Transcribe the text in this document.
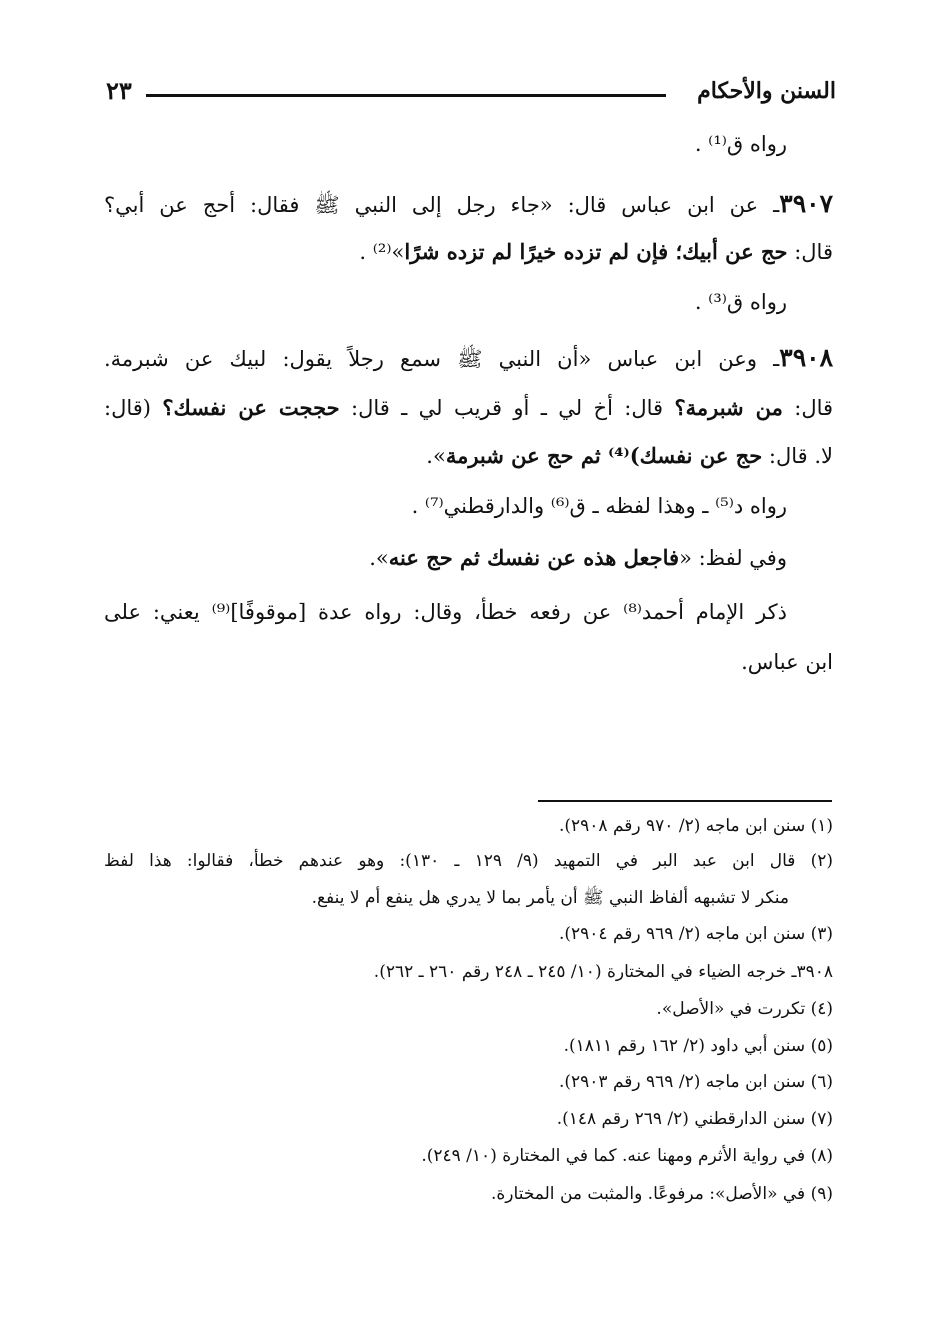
السنن والأحكام
٢٣
رواه ق⁽¹⁾ .
٣٩٠٧ـ عن ابن عباس قال: «جاء رجل إلى النبي ﷺ فقال: أحج عن أبي؟
قال: حج عن أبيك؛ فإن لم تزده خيرًا لم تزده شرًا»⁽²⁾ .
رواه ق⁽³⁾ .
٣٩٠٨ـ وعن ابن عباس «أن النبي ﷺ سمع رجلاً يقول: لبيك عن شبرمة.
قال: من شبرمة؟ قال: أخ لي ـ أو قريب لي ـ قال: حججت عن نفسك؟ (قال:
لا. قال: حج عن نفسك)⁽⁴⁾ ثم حج عن شبرمة».
رواه د⁽⁵⁾ ـ وهذا لفظه ـ ق⁽⁶⁾ والدارقطني⁽⁷⁾ .
وفي لفظ: «فاجعل هذه عن نفسك ثم حج عنه».
ذكر الإمام أحمد⁽⁸⁾ عن رفعه خطأ، وقال: رواه عدة [موقوفًا]⁽⁹⁾ يعني: على
ابن عباس.
(١) سنن ابن ماجه (٢/ ٩٧٠ رقم ٢٩٠٨).
(٢) قال ابن عبد البر في التمهيد (٩/ ١٢٩ ـ ١٣٠): وهو عندهم خطأ، فقالوا: هذا لفظ
منكر لا تشبهه ألفاظ النبي ﷺ أن يأمر بما لا يدري هل ينفع أم لا ينفع.
(٣) سنن ابن ماجه (٢/ ٩٦٩ رقم ٢٩٠٤).
٣٩٠٨ـ خرجه الضياء في المختارة (١٠/ ٢٤٥ ـ ٢٤٨ رقم ٢٦٠ ـ ٢٦٢).
(٤) تكررت في «الأصل».
(٥) سنن أبي داود (٢/ ١٦٢ رقم ١٨١١).
(٦) سنن ابن ماجه (٢/ ٩٦٩ رقم ٢٩٠٣).
(٧) سنن الدارقطني (٢/ ٢٦٩ رقم ١٤٨).
(٨) في رواية الأثرم ومهنا عنه. كما في المختارة (١٠/ ٢٤٩).
(٩) في «الأصل»: مرفوعًا. والمثبت من المختارة.
